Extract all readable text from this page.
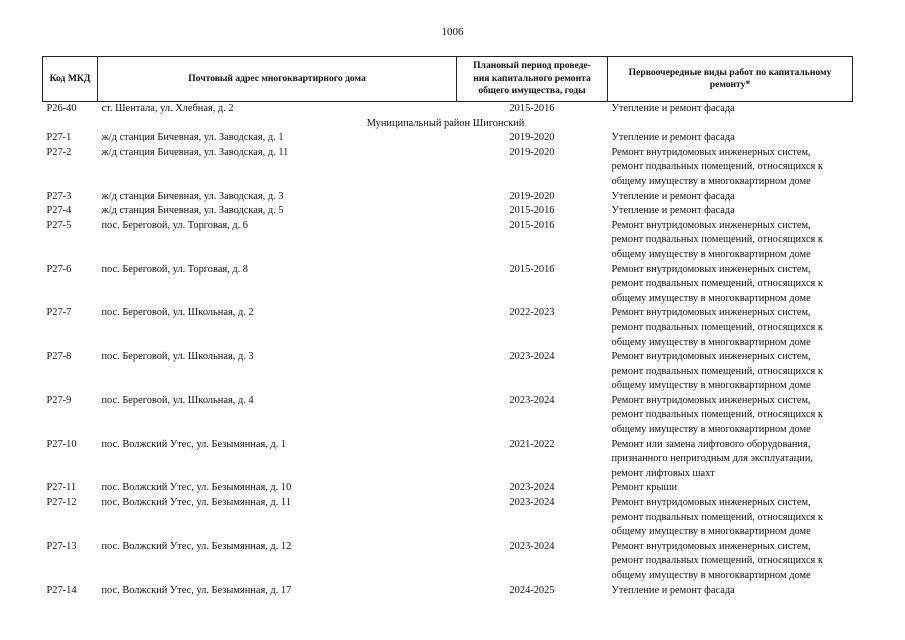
1006
Код МКД	Почтовый адрес многоквартирного дома	Плановый период проведе-
ния капитального ремонта
общего имущества, годы	Первоочередные виды работ по капитальному
ремонту*

Р26-40	ст. Шентала, ул. Хлебная, д. 2	2015-2016	Утепление и ремонт фасада

Муниципальный район Шигонский			
Р27-1	ж/д станция Бичевная, ул. Заводская, д. 1	2019-2020	Утепление и ремонт фасада

Р27-2	ж/д станция Бичевная, ул. Заводская, д. 11	2019-2020	Ремонт внутридомовых инженерных систем,
ремонт подвальных помещений, относящихся к
общему имуществу в многоквартирном доме

Р27-3	ж/д станция Бичевная, ул. Заводская, д. 3	2019-2020	Утепление и ремонт фасада

Р27-4	ж/д станция Бичевная, ул. Заводская, д. 5	2015-2016	Утепление и ремонт фасада

Р27-5	пос. Береговой, ул. Торговая, д. 6	2015-2016	Ремонт внутридомовых инженерных систем,
ремонт подвальных помещений, относящихся к
общему имуществу в многоквартирном доме

Р27-6	пос. Береговой, ул. Торговая, д. 8	2015-2016	Ремонт внутридомовых инженерных систем,
ремонт подвальных помещений, относящихся к
общему имуществу в многоквартирном доме

Р27-7	пос. Береговой, ул. Школьная, д. 2	2022-2023	Ремонт внутридомовых инженерных систем,
ремонт подвальных помещений, относящихся к
общему имуществу в многоквартирном доме

Р27-8	пос. Береговой, ул. Школьная, д. 3	2023-2024	Ремонт внутридомовых инженерных систем,
ремонт подвальных помещений, относящихся к
общему имуществу в многоквартирном доме

Р27-9	пос. Береговой, ул. Школьная, д. 4	2023-2024	Ремонт внутридомовых инженерных систем,
ремонт подвальных помещений, относящихся к
общему имуществу в многоквартирном доме

Р27-10	пос. Волжский Утес, ул. Безымянная, д. 1	2021-2022	Ремонт или замена лифтового оборудования,
признанного непригодным для эксплуатации,
ремонт лифтовых шахт

Р27-11	пос. Волжский Утес, ул. Безымянная, д. 10	2023-2024	Ремонт крыши

Р27-12	пос. Волжский Утес, ул. Безымянная, д. 11	2023-2024	Ремонт внутридомовых инженерных систем,
ремонт подвальных помещений, относящихся к
общему имуществу в многоквартирном доме

Р27-13	пос. Волжский Утес, ул. Безымянная, д. 12	2023-2024	Ремонт внутридомовых инженерных систем,
ремонт подвальных помещений, относящихся к
общему имуществу в многоквартирном доме

Р27-14	пос. Волжский Утес, ул. Безымянная, д. 17	2024-2025	Утепление и ремонт фасада
